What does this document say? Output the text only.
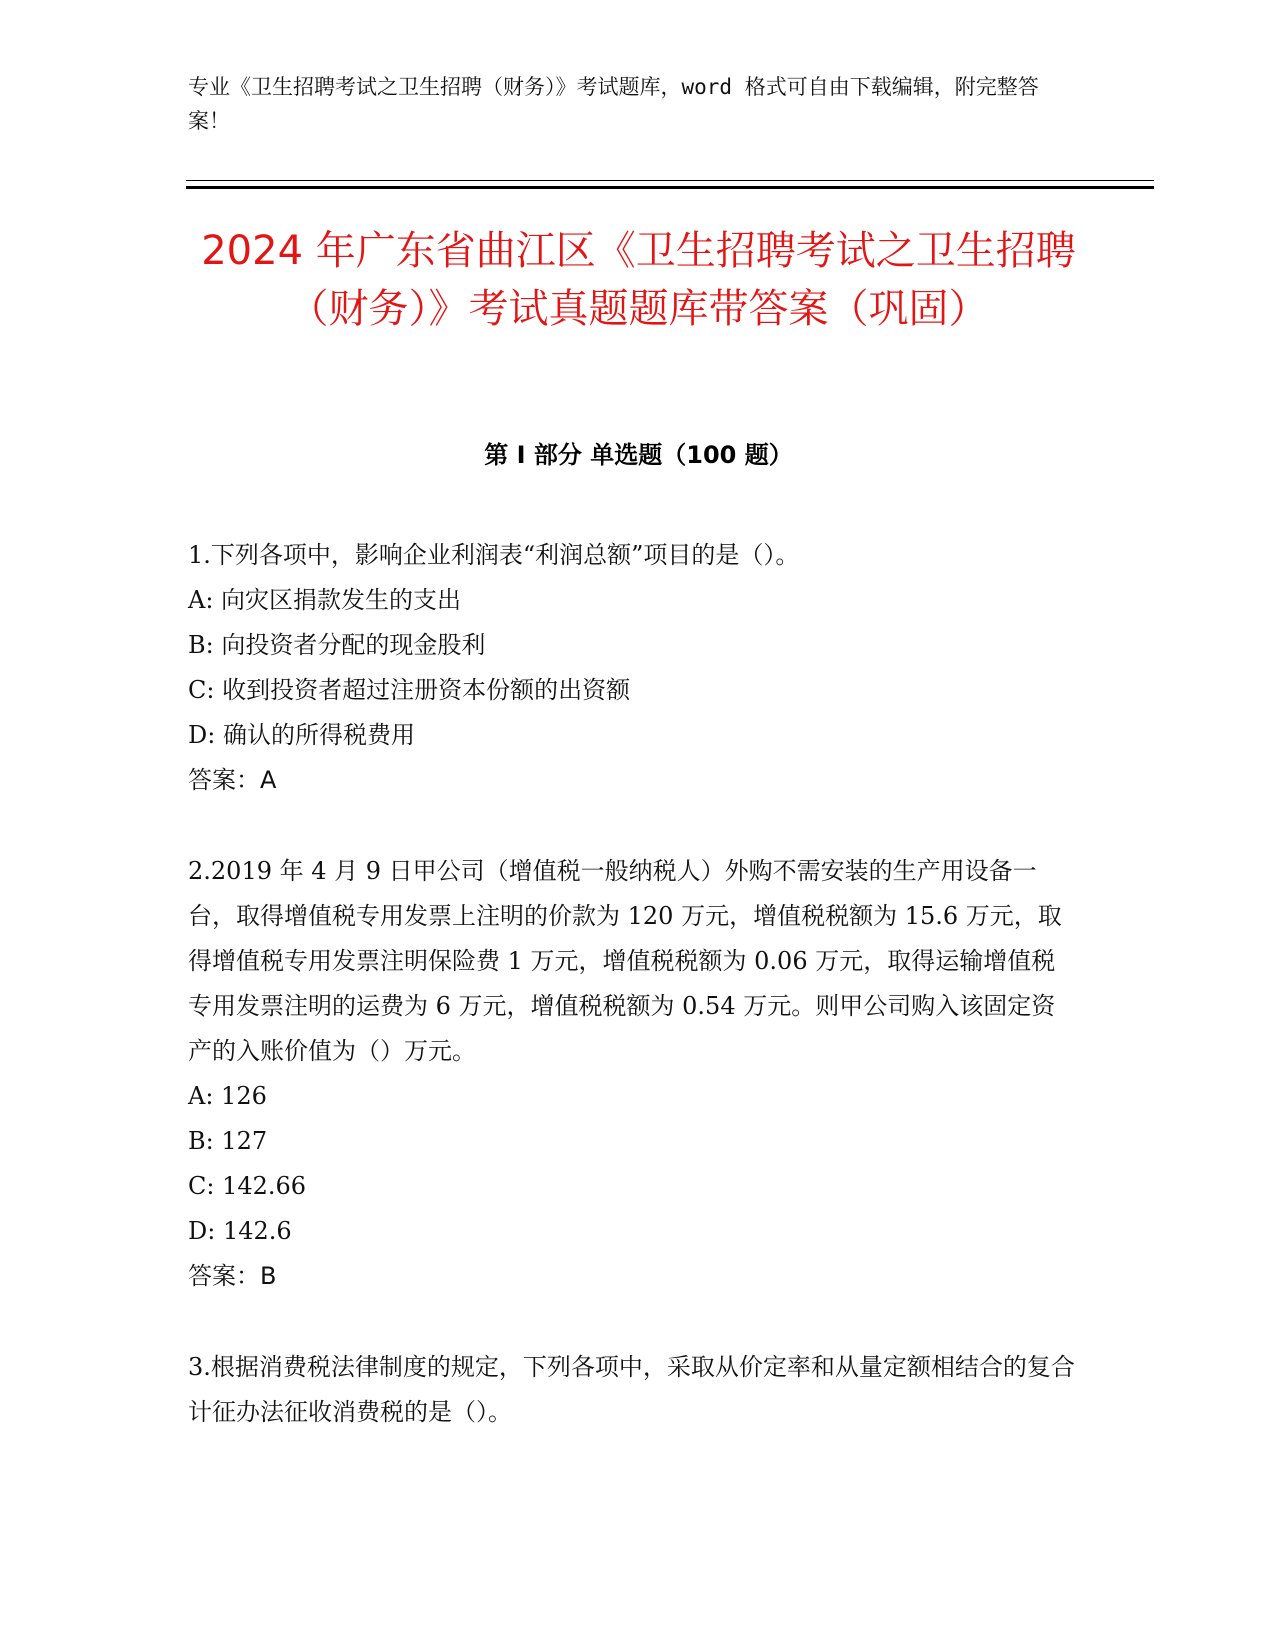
专业《卫生招聘考试之卫生招聘（财务）》考试题库，word 格式可自由下载编辑，附完整答案！
2024 年广东省曲江区《卫生招聘考试之卫生招聘（财务）》考试真题题库带答案（巩固）
第 I 部分 单选题（100 题）

1.下列各项中，影响企业利润表“利润总额”项目的是（）。

A: 向灾区捐款发生的支出

B: 向投资者分配的现金股利

C: 收到投资者超过注册资本份额的出资额

D: 确认的所得税费用

答案：A

2.2019 年 4 月 9 日甲公司（增值税一般纳税人）外购不需安装的生产用设备一台，取得增值税专用发票上注明的价款为 120 万元，增值税税额为 15.6 万元，取得增值税专用发票注明保险费 1 万元，增值税税额为 0.06 万元，取得运输增值税专用发票注明的运费为 6 万元，增值税税额为 0.54 万元。则甲公司购入该固定资产的入账价值为（）万元。

A: 126

B: 127

C: 142.66

D: 142.6

答案：B

3.根据消费税法律制度的规定，下列各项中，采取从价定率和从量定额相结合的复合计征办法征收消费税的是（）。
